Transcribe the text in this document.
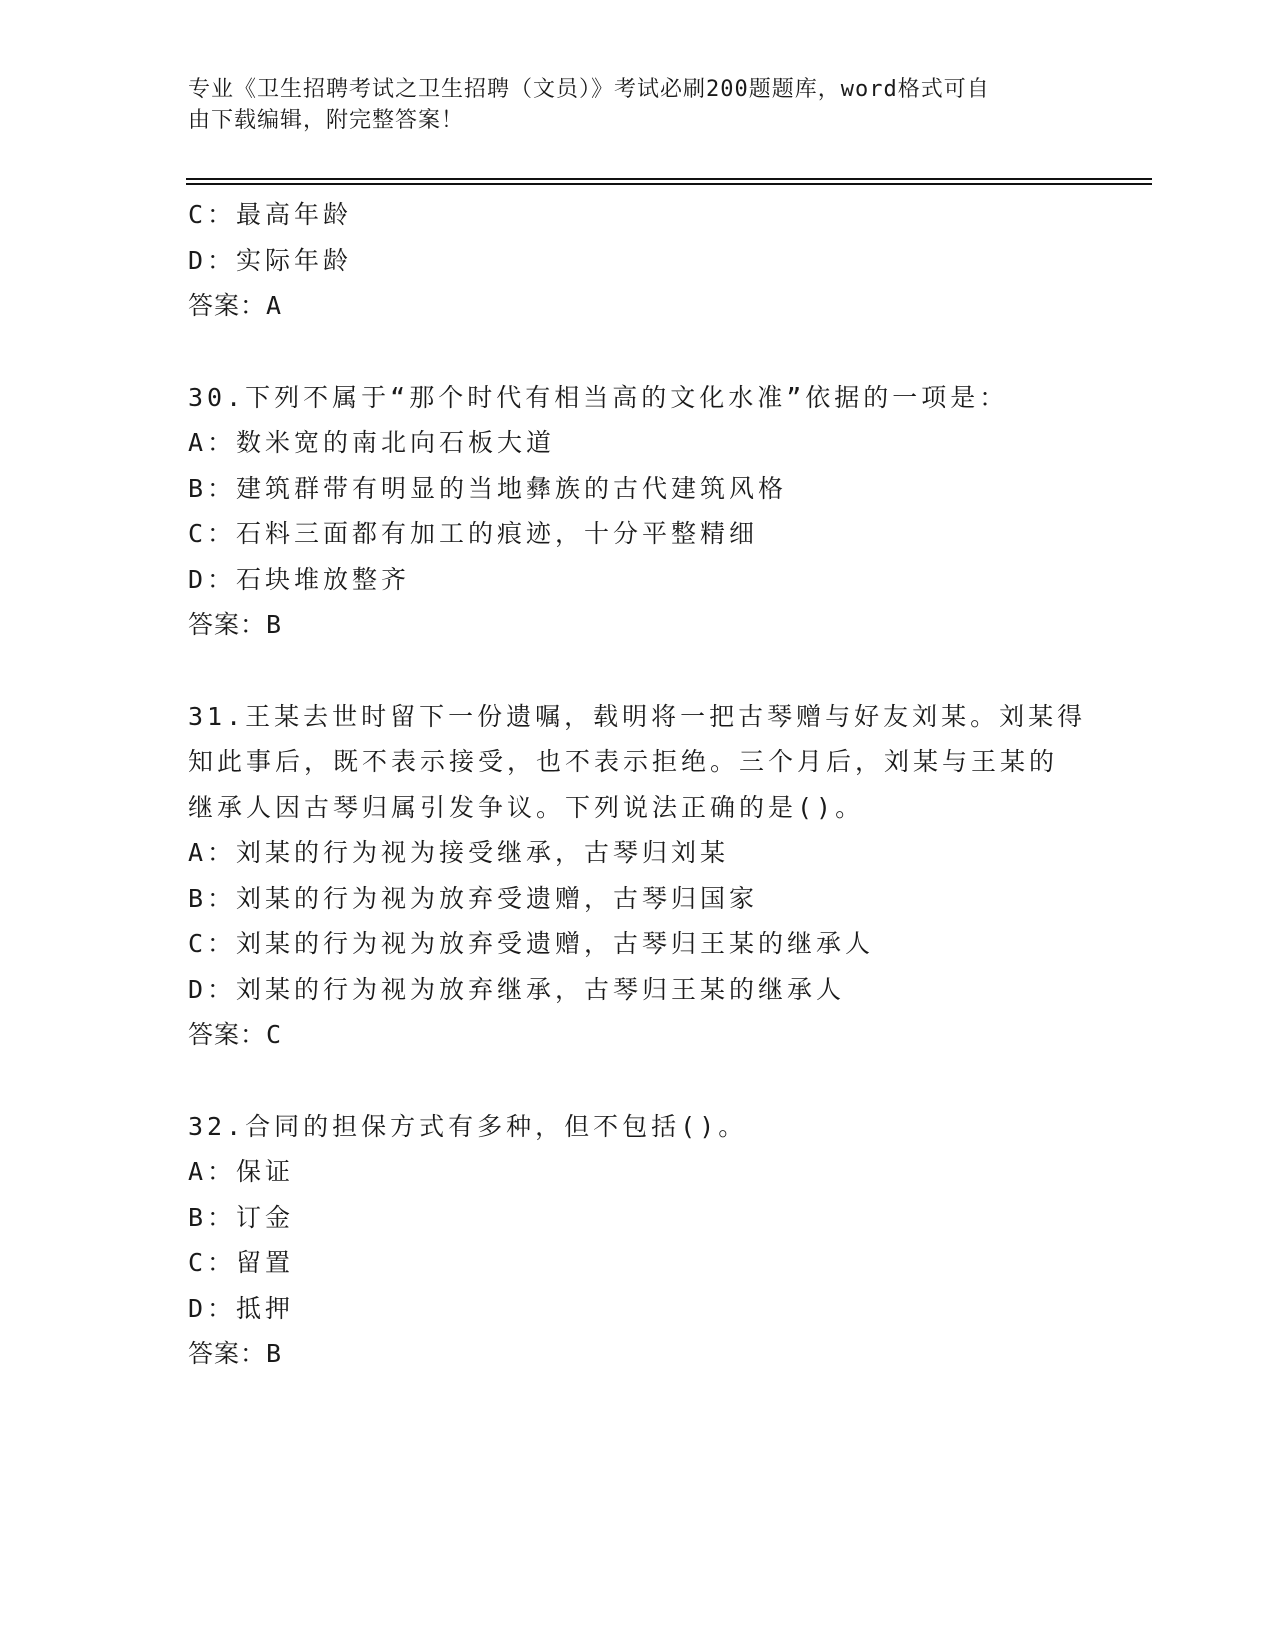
专业《卫生招聘考试之卫生招聘（文员）》考试必刷200题题库，word格式可自
由下载编辑，附完整答案！
C：最高年龄
D：实际年龄
答案：A
30.下列不属于“那个时代有相当高的文化水准”依据的一项是：
A：数米宽的南北向石板大道
B：建筑群带有明显的当地彝族的古代建筑风格
C：石料三面都有加工的痕迹，十分平整精细
D：石块堆放整齐
答案：B
31.王某去世时留下一份遗嘱，载明将一把古琴赠与好友刘某。刘某得
知此事后，既不表示接受，也不表示拒绝。三个月后，刘某与王某的
继承人因古琴归属引发争议。下列说法正确的是()。
A：刘某的行为视为接受继承，古琴归刘某
B：刘某的行为视为放弃受遗赠，古琴归国家
C：刘某的行为视为放弃受遗赠，古琴归王某的继承人
D：刘某的行为视为放弃继承，古琴归王某的继承人
答案：C
32.合同的担保方式有多种，但不包括()。
A：保证
B：订金
C：留置
D：抵押
答案：B
